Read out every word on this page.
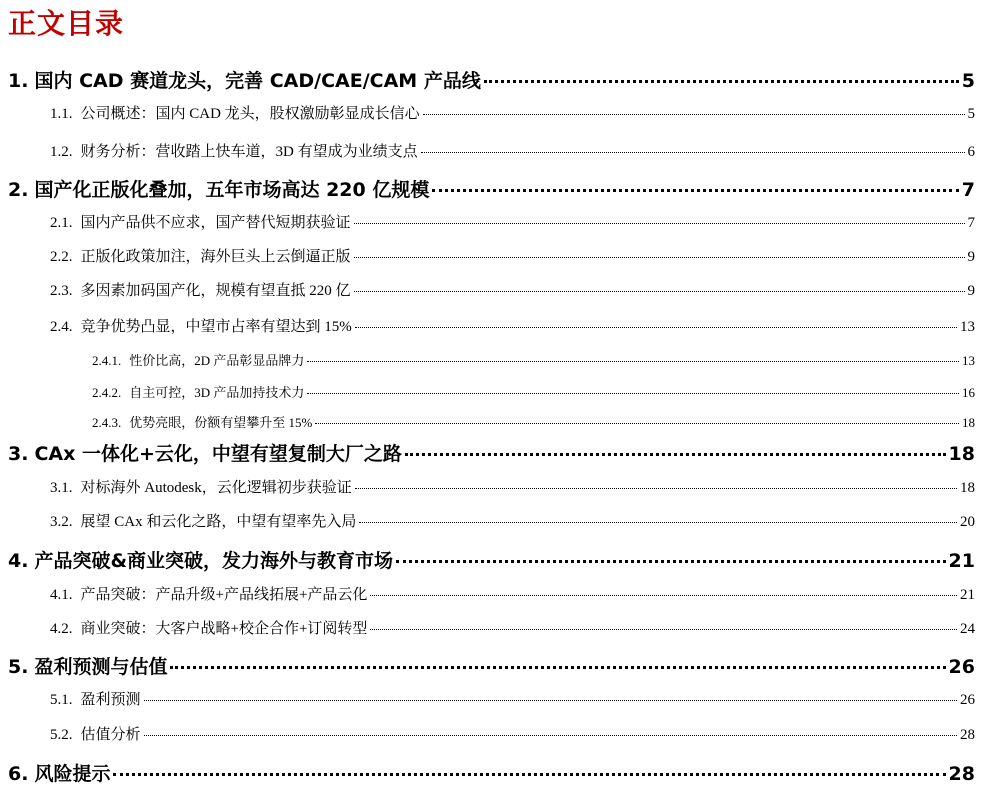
正文目录
1. 国内 CAD 赛道龙头，完善 CAD/CAE/CAM 产品线	5
1.1. 公司概述：国内 CAD 龙头，股权激励彰显成长信心	5
1.2. 财务分析：营收踏上快车道，3D 有望成为业绩支点	6
2. 国产化正版化叠加，五年市场高达 220 亿规模	7
2.1. 国内产品供不应求，国产替代短期获验证	7
2.2. 正版化政策加注，海外巨头上云倒逼正版	9
2.3. 多因素加码国产化，规模有望直抵 220 亿	9
2.4. 竞争优势凸显，中望市占率有望达到 15%	13
2.4.1. 性价比高，2D 产品彰显品牌力	13
2.4.2. 自主可控，3D 产品加持技术力	16
2.4.3. 优势亮眼，份额有望攀升至 15%	18
3. CAx 一体化+云化，中望有望复制大厂之路	18
3.1. 对标海外 Autodesk，云化逻辑初步获验证	18
3.2. 展望 CAx 和云化之路，中望有望率先入局	20
4. 产品突破&商业突破，发力海外与教育市场	21
4.1. 产品突破：产品升级+产品线拓展+产品云化	21
4.2. 商业突破：大客户战略+校企合作+订阅转型	24
5. 盈利预测与估值	26
5.1. 盈利预测	26
5.2. 估值分析	28
6. 风险提示	28
